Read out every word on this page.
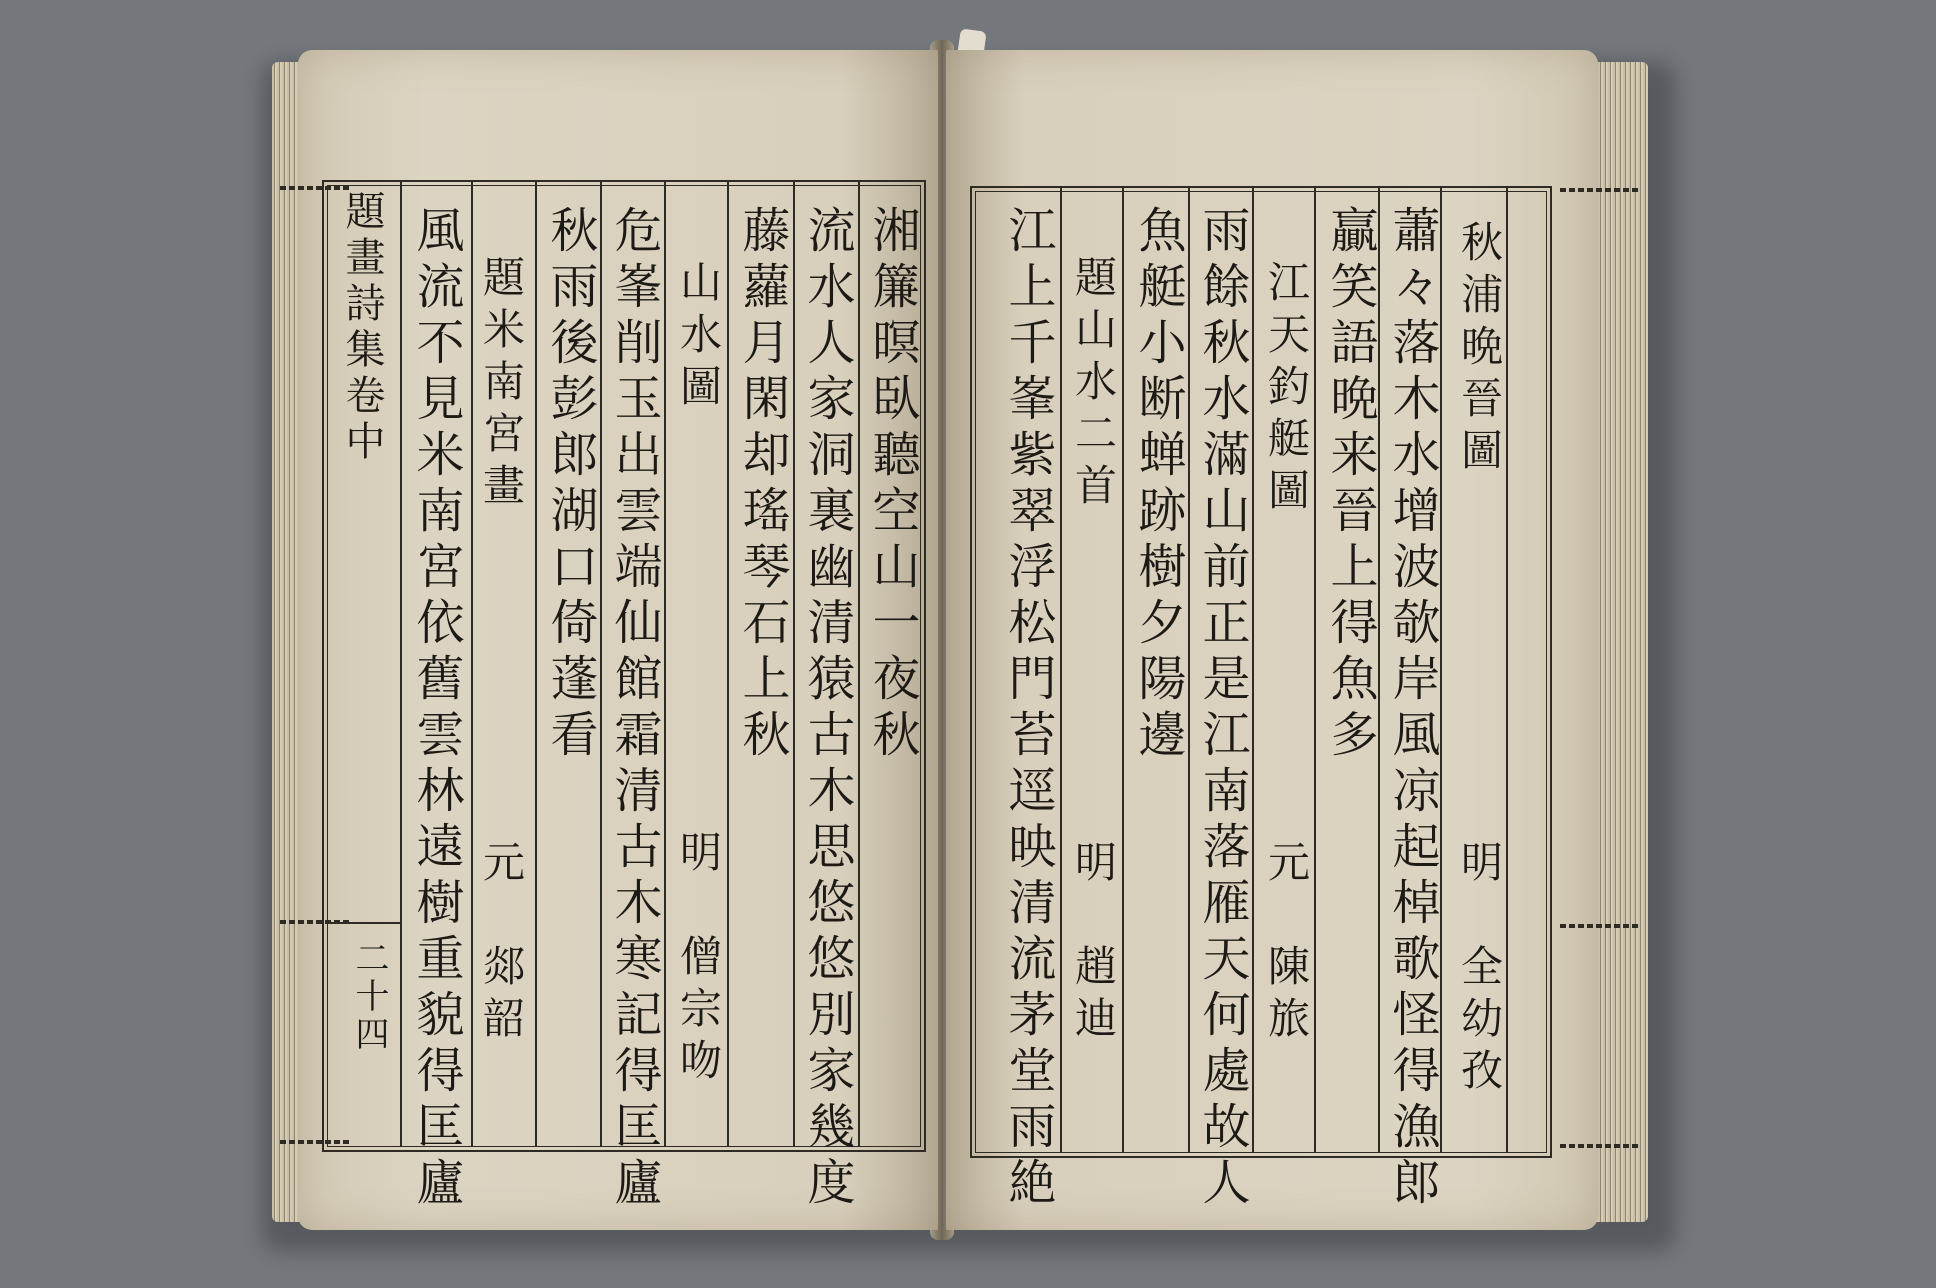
題畫詩集卷中
二十四
湘簾暝臥聽空山一夜秋
流水人家洞裏幽清猿古木思悠悠別家幾度
藤蘿月閑却瑤琴石上秋
山水圖
明　僧宗吻
危峯削玉出雲端仙館霜清古木寒記得匡廬
秋雨後彭郎湖口倚蓬看
題米南宮畫
元　郯韶
風流不見米南宮依舊雲林遠樹重貌得匡廬	秋浦晩晉圖
明　全幼孜
蕭々落木水增波欹岸風凉起棹歌怪得漁郎
贏笑語晩来晉上得魚多
江天釣艇圖
元　陳旅
雨餘秋水滿山前正是江南落雁天何處故人
魚艇小断蝉跡樹夕陽邊
題山水二首
明　趙迪
江上千峯紫翠浮松門苔逕映清流茅堂雨絶
